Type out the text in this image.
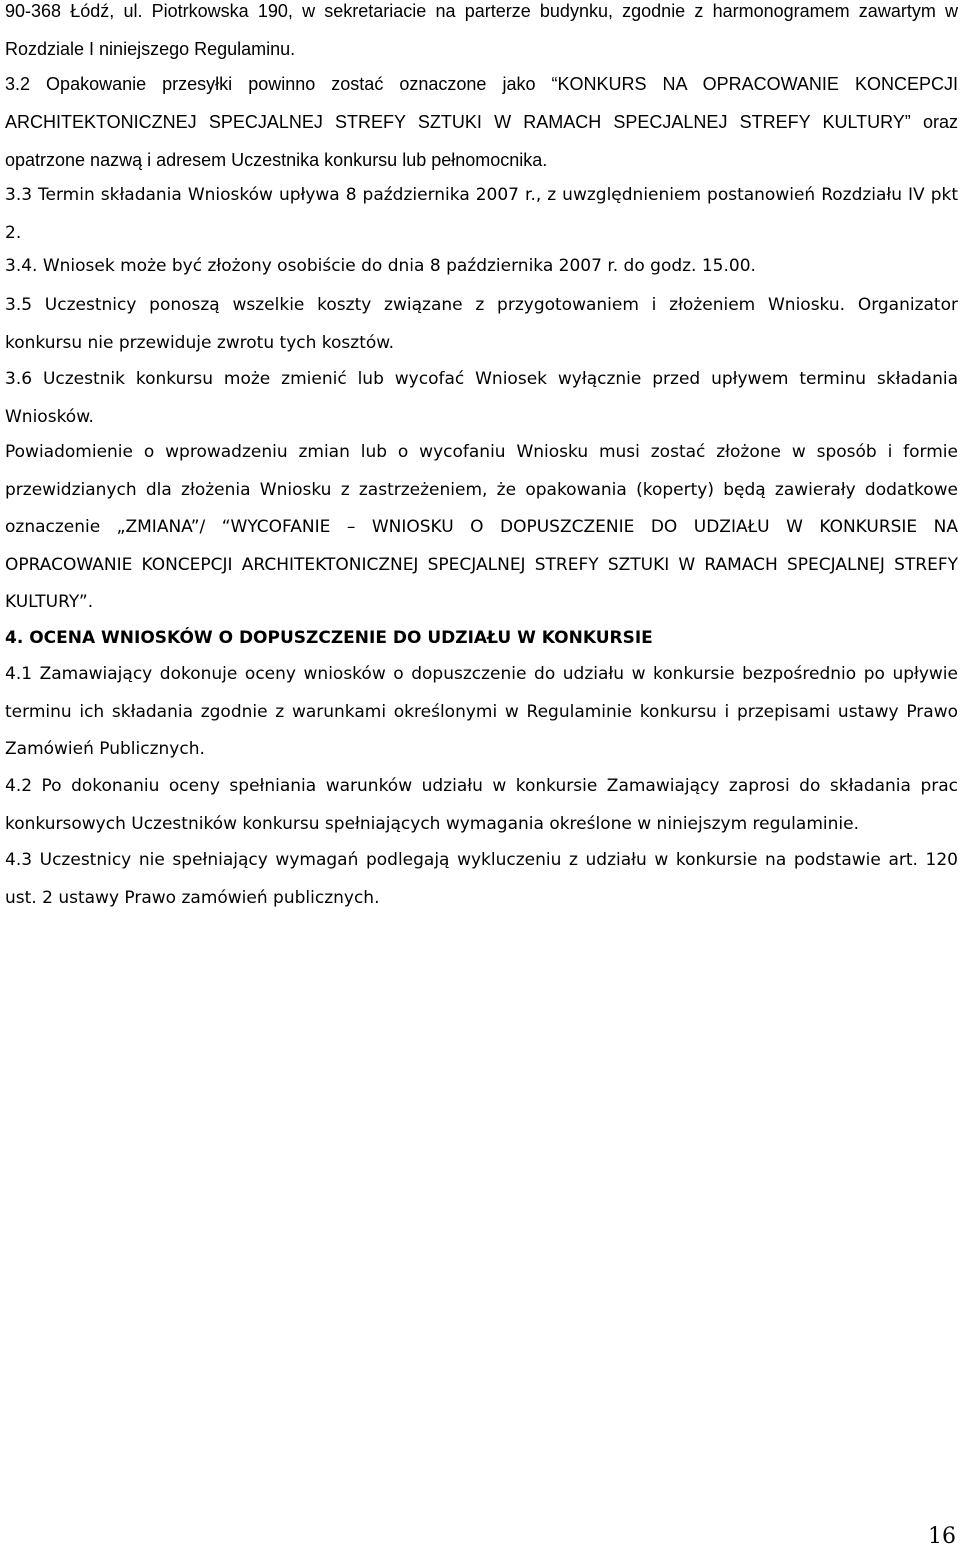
90-368 Łódź, ul. Piotrkowska 190, w sekretariacie na parterze budynku, zgodnie z harmonogramem zawartym w Rozdziale I niniejszego Regulaminu.
3.2 Opakowanie przesyłki powinno zostać oznaczone jako “KONKURS NA OPRACOWANIE KONCEPCJI ARCHITEKTONICZNEJ SPECJALNEJ STREFY SZTUKI W RAMACH SPECJALNEJ STREFY KULTURY” oraz opatrzone nazwą i adresem Uczestnika konkursu lub pełnomocnika.
3.3 Termin składania Wniosków upływa 8 października 2007 r., z uwzględnieniem postanowień Rozdziału IV pkt 2.
3.4. Wniosek może być złożony osobiście do dnia 8 października 2007 r. do godz. 15.00.
3.5 Uczestnicy ponoszą wszelkie koszty związane z przygotowaniem i złożeniem Wniosku. Organizator konkursu nie przewiduje zwrotu tych kosztów.
3.6 Uczestnik konkursu może zmienić lub wycofać Wniosek wyłącznie przed upływem terminu składania Wniosków.
Powiadomienie o wprowadzeniu zmian lub o wycofaniu Wniosku musi zostać złożone w sposób i formie przewidzianych dla złożenia Wniosku z zastrzeżeniem, że opakowania (koperty) będą zawierały dodatkowe oznaczenie „ZMIANA”/ “WYCOFANIE – WNIOSKU O DOPUSZCZENIE DO UDZIAŁU W KONKURSIE NA OPRACOWANIE KONCEPCJI ARCHITEKTONICZNEJ SPECJALNEJ STREFY SZTUKI W RAMACH SPECJALNEJ STREFY KULTURY”.
4. OCENA WNIOSKÓW O DOPUSZCZENIE DO UDZIAŁU W KONKURSIE
4.1 Zamawiający dokonuje oceny wniosków o dopuszczenie do udziału w konkursie bezpośrednio po upływie terminu ich składania zgodnie z warunkami określonymi w Regulaminie konkursu i przepisami ustawy Prawo Zamówień Publicznych.
4.2 Po dokonaniu oceny spełniania warunków udziału w konkursie Zamawiający zaprosi do składania prac konkursowych Uczestników konkursu spełniających wymagania określone w niniejszym regulaminie.
4.3 Uczestnicy nie spełniający wymagań podlegają wykluczeniu z udziału w konkursie na podstawie art. 120 ust. 2 ustawy Prawo zamówień publicznych.
16
